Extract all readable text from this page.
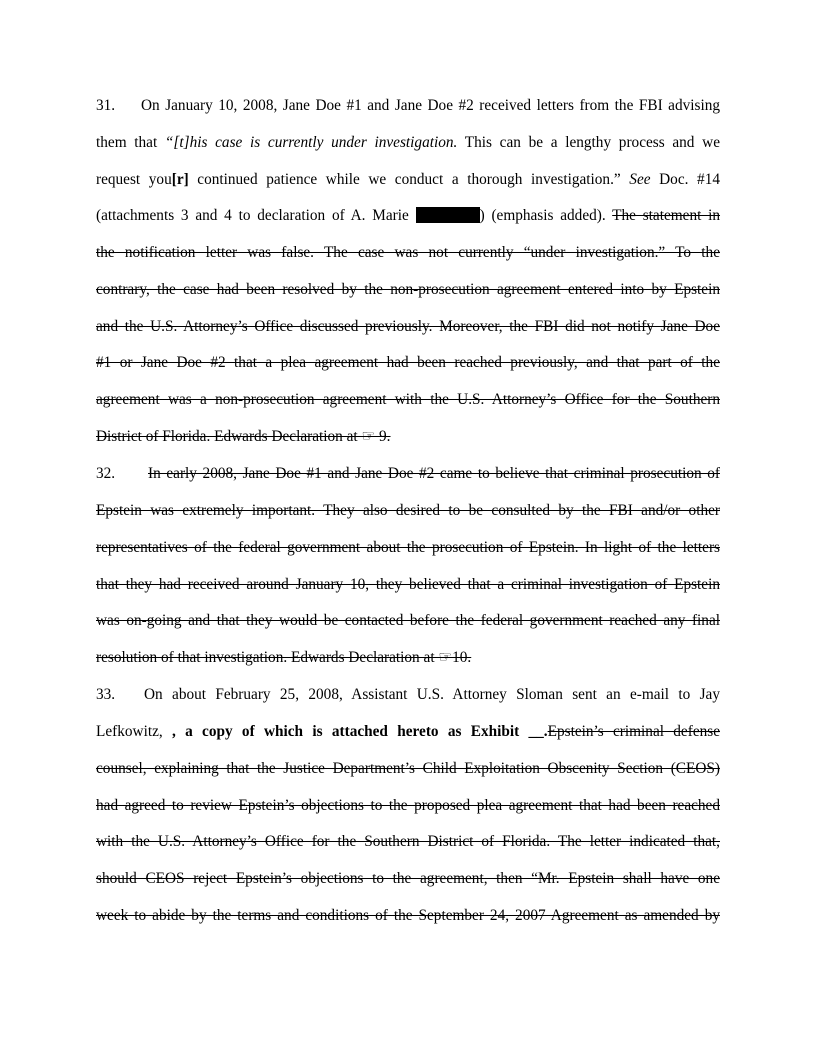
31. On January 10, 2008, Jane Doe #1 and Jane Doe #2 received letters from the FBI advising
them that “[t]his case is currently under investigation. This can be a lengthy process and we
request you[r] continued patience while we conduct a thorough investigation.” See Doc. #14
(attachments 3 and 4 to declaration of A. Marie	) (emphasis added). The statement in
the notification letter was false. The case was not currently “under investigation.” To the
contrary, the case had been resolved by the non-prosecution agreement entered into by Epstein
and the U.S. Attorney’s Office discussed previously. Moreover, the FBI did not notify Jane Doe
#1 or Jane Doe #2 that a plea agreement had been reached previously, and that part of the
agreement was a non-prosecution agreement with the U.S. Attorney’s Office for the Southern
District of Florida. Edwards Declaration at ☞ 9.
32. In early 2008, Jane Doe #1 and Jane Doe #2 came to believe that criminal prosecution of
Epstein was extremely important. They also desired to be consulted by the FBI and/or other
representatives of the federal government about the prosecution of Epstein. In light of the letters
that they had received around January 10, they believed that a criminal investigation of Epstein
was on-going and that they would be contacted before the federal government reached any final
resolution of that investigation. Edwards Declaration at ☞10.
33. On about February 25, 2008, Assistant U.S. Attorney Sloman sent an e-mail to Jay
Lefkowitz, , a copy of which is attached hereto as Exhibit __.Epstein’s criminal defense
counsel, explaining that the Justice Department’s Child Exploitation Obscenity Section (CEOS)
had agreed to review Epstein’s objections to the proposed plea agreement that had been reached
with the U.S. Attorney’s Office for the Southern District of Florida. The letter indicated that,
should CEOS reject Epstein’s objections to the agreement, then “Mr. Epstein shall have one
week to abide by the terms and conditions of the September 24, 2007 Agreement as amended by
